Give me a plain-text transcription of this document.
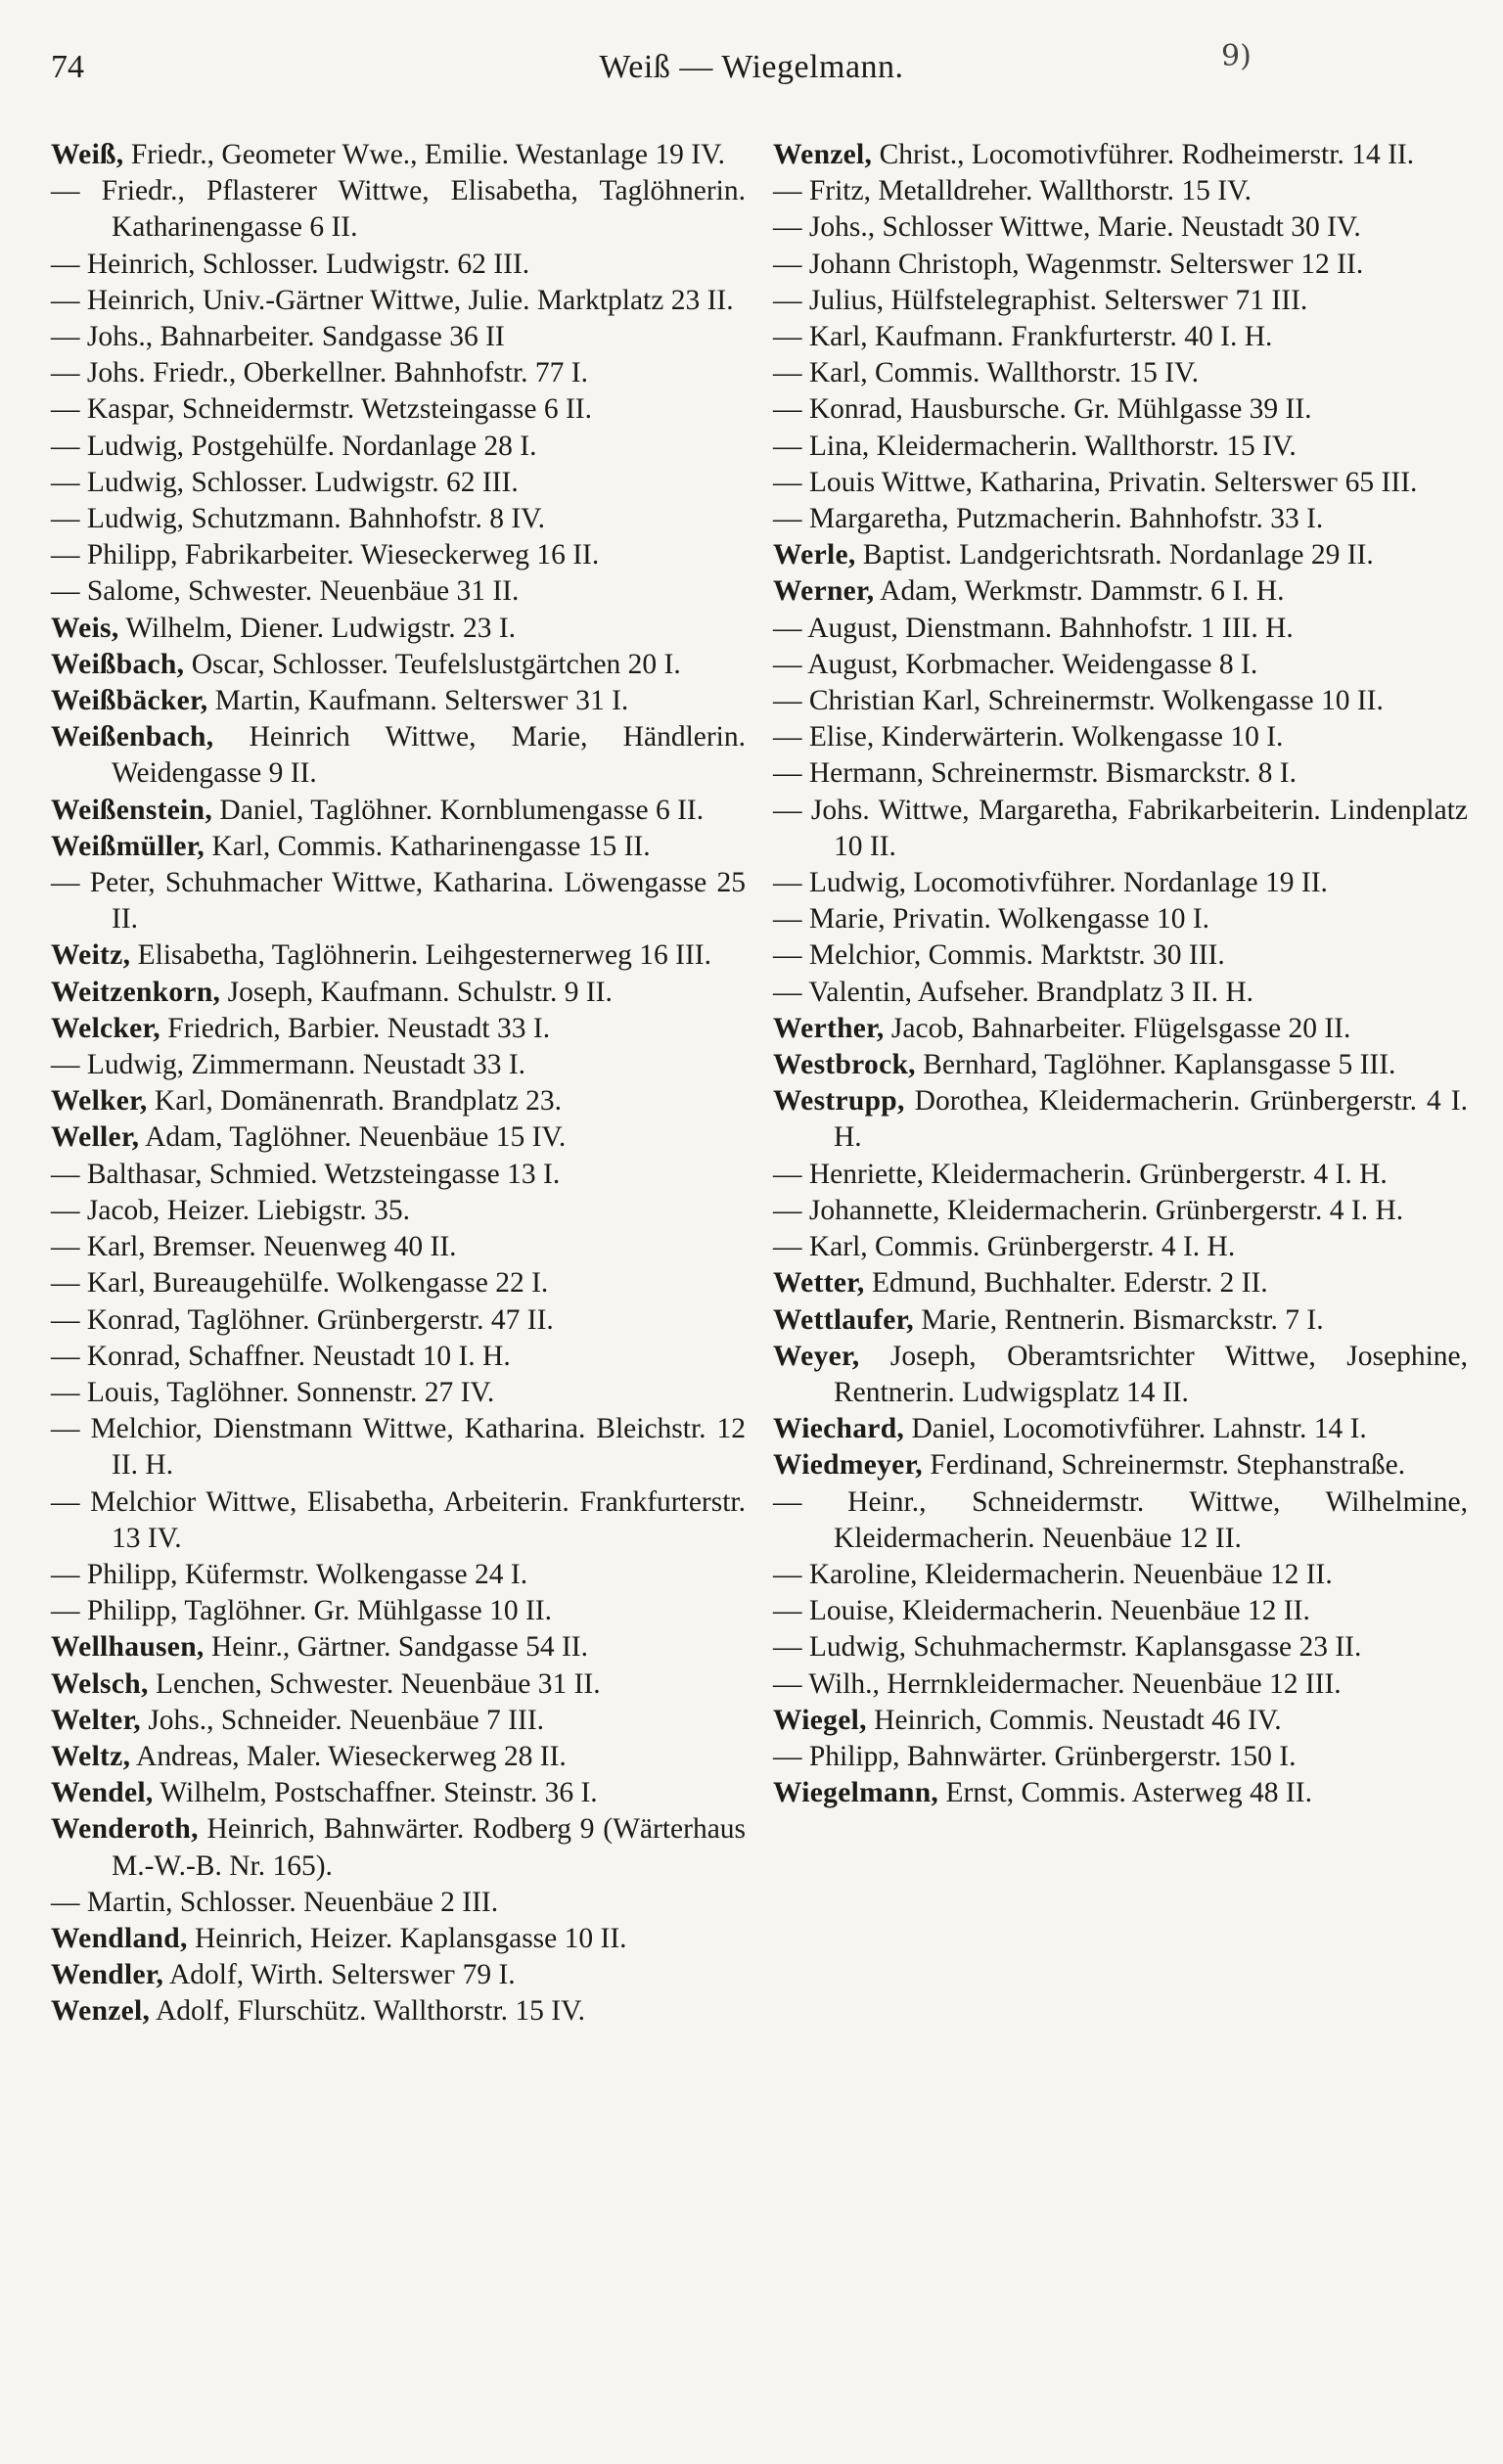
74	Weiß — Wiegelmann.	9)

Weiß, Friedr., Geometer Wwe., Emilie. Westanlage 19 IV.

— Friedr., Pflasterer Wittwe, Elisabetha, Taglöhnerin. Katharinengasse 6 II.

— Heinrich, Schlosser. Ludwigstr. 62 III.

— Heinrich, Univ.-Gärtner Wittwe, Julie. Marktplatz 23 II.

— Johs., Bahnarbeiter. Sandgasse 36 II

— Johs. Friedr., Oberkellner. Bahnhofstr. 77 I.

— Kaspar, Schneidermstr. Wetzsteingasse 6 II.

— Ludwig, Postgehülfe. Nordanlage 28 I.

— Ludwig, Schlosser. Ludwigstr. 62 III.

— Ludwig, Schutzmann. Bahnhofstr. 8 IV.

— Philipp, Fabrikarbeiter. Wieseckerweg 16 II.

— Salome, Schwester. Neuenbäue 31 II.

Weis, Wilhelm, Diener. Ludwigstr. 23 I.

Weißbach, Oscar, Schlosser. Teufelslustgärtchen 20 I.

Weißbäcker, Martin, Kaufmann. Selterswег 31 I.

Weißenbach, Heinrich Wittwe, Marie, Händlerin. Weidengasse 9 II.

Weißenstein, Daniel, Taglöhner. Kornblumengasse 6 II.

Weißmüller, Karl, Commis. Katharinengasse 15 II.

— Peter, Schuhmacher Wittwe, Katharina. Löwengasse 25 II.

Weitz, Elisabetha, Taglöhnerin. Leihgesternerweg 16 III.

Weitzenkorn, Joseph, Kaufmann. Schulstr. 9 II.

Welcker, Friedrich, Barbier. Neustadt 33 I.

— Ludwig, Zimmermann. Neustadt 33 I.

Welker, Karl, Domänenrath. Brandplatz 23.

Weller, Adam, Taglöhner. Neuenbäue 15 IV.

— Balthasar, Schmied. Wetzsteingasse 13 I.

— Jacob, Heizer. Liebigstr. 35.

— Karl, Bremser. Neuenweg 40 II.

— Karl, Bureaugehülfe. Wolkengasse 22 I.

— Konrad, Taglöhner. Grünbergerstr. 47 II.

— Konrad, Schaffner. Neustadt 10 I. H.

— Louis, Taglöhner. Sonnenstr. 27 IV.

— Melchior, Dienstmann Wittwe, Katharina. Bleichstr. 12 II. H.

— Melchior Wittwe, Elisabetha, Arbeiterin. Frankfurterstr. 13 IV.

— Philipp, Küfermstr. Wolkengasse 24 I.

— Philipp, Taglöhner. Gr. Mühlgasse 10 II.

Wellhausen, Heinr., Gärtner. Sandgasse 54 II.

Welsch, Lenchen, Schwester. Neuenbäue 31 II.

Welter, Johs., Schneider. Neuenbäue 7 III.

Weltz, Andreas, Maler. Wieseckerweg 28 II.

Wendel, Wilhelm, Postschaffner. Steinstr. 36 I.

Wenderoth, Heinrich, Bahnwärter. Rodberg 9 (Wärterhaus M.-W.-B. Nr. 165).

— Martin, Schlosser. Neuenbäue 2 III.

Wendland, Heinrich, Heizer. Kaplansgasse 10 II.

Wendler, Adolf, Wirth. Selterswег 79 I.

Wenzel, Adolf, Flurschütz. Wallthorstr. 15 IV.

Wenzel, Christ., Locomotivführer. Rodheimerstr. 14 II.

— Fritz, Metalldreher. Wallthorstr. 15 IV.

— Johs., Schlosser Wittwe, Marie. Neustadt 30 IV.

— Johann Christoph, Wagenmstr. Selterswег 12 II.

— Julius, Hülfstelegraphist. Selterswег 71 III.

— Karl, Kaufmann. Frankfurterstr. 40 I. H.

— Karl, Commis. Wallthorstr. 15 IV.

— Konrad, Hausbursche. Gr. Mühlgasse 39 II.

— Lina, Kleidermacherin. Wallthorstr. 15 IV.

— Louis Wittwe, Katharina, Privatin. Selterswег 65 III.

— Margaretha, Putzmacherin. Bahnhofstr. 33 I.

Werle, Baptist. Landgerichtsrath. Nordanlage 29 II.

Werner, Adam, Werkmstr. Dammstr. 6 I. H.

— August, Dienstmann. Bahnhofstr. 1 III. H.

— August, Korbmacher. Weidengasse 8 I.

— Christian Karl, Schreinermstr. Wolkengasse 10 II.

— Elise, Kinderwärterin. Wolkengasse 10 I.

— Hermann, Schreinermstr. Bismarckstr. 8 I.

— Johs. Wittwe, Margaretha, Fabrikarbeiterin. Lindenplatz 10 II.

— Ludwig, Locomotivführer. Nordanlage 19 II.

— Marie, Privatin. Wolkengasse 10 I.

— Melchior, Commis. Marktstr. 30 III.

— Valentin, Aufseher. Brandplatz 3 II. H.

Werther, Jacob, Bahnarbeiter. Flügelsgasse 20 II.

Westbrock, Bernhard, Taglöhner. Kaplansgasse 5 III.

Westrupp, Dorothea, Kleidermacherin. Grünbergerstr. 4 I. H.

— Henriette, Kleidermacherin. Grünbergerstr. 4 I. H.

— Johannette, Kleidermacherin. Grünbergerstr. 4 I. H.

— Karl, Commis. Grünbergerstr. 4 I. H.

Wetter, Edmund, Buchhalter. Ederstr. 2 II.

Wettlaufer, Marie, Rentnerin. Bismarckstr. 7 I.

Weyer, Joseph, Oberamtsrichter Wittwe, Josephine, Rentnerin. Ludwigsplatz 14 II.

Wiechard, Daniel, Locomotivführer. Lahnstr. 14 I.

Wiedmeyer, Ferdinand, Schreinermstr. Stephanstraße.

— Heinr., Schneidermstr. Wittwe, Wilhelmine, Kleidermacherin. Neuenbäue 12 II.

— Karoline, Kleidermacherin. Neuenbäue 12 II.

— Louise, Kleidermacherin. Neuenbäue 12 II.

— Ludwig, Schuhmachermstr. Kaplansgasse 23 II.

— Wilh., Herrnkleidermacher. Neuenbäue 12 III.

Wiegel, Heinrich, Commis. Neustadt 46 IV.

— Philipp, Bahnwärter. Grünbergerstr. 150 I.

Wiegelmann, Ernst, Commis. Asterweg 48 II.
